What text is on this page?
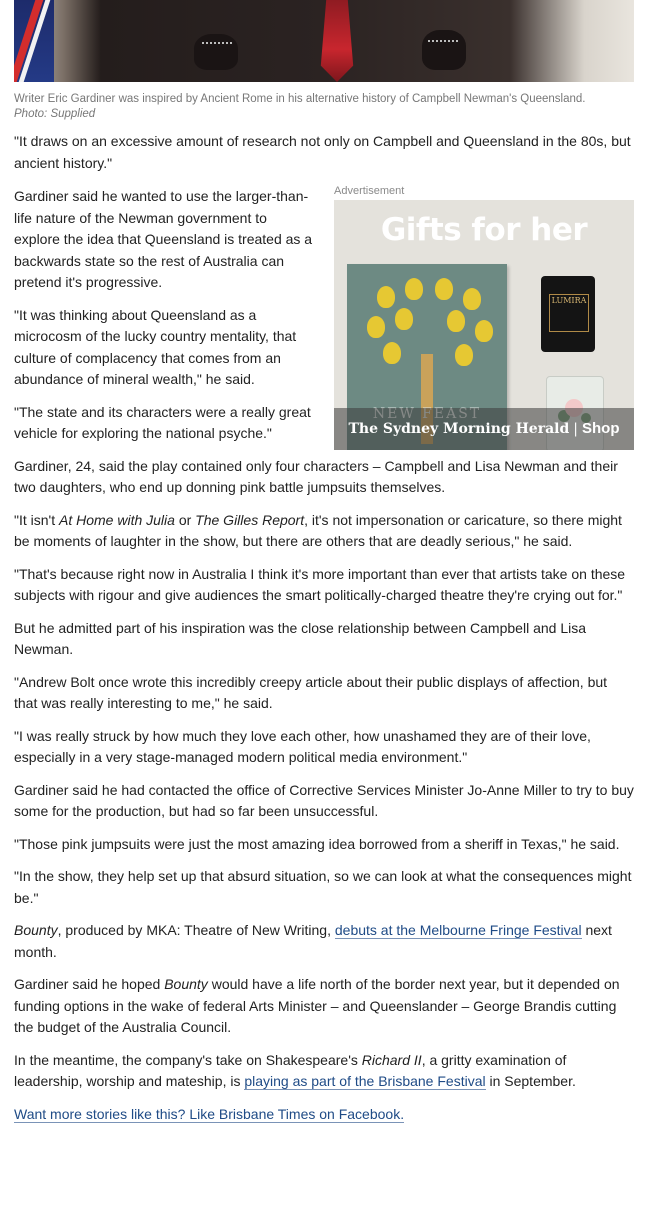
Writer Eric Gardiner was inspired by Ancient Rome in his alternative history of Campbell Newman's Queensland.
Photo: Supplied

"It draws on an excessive amount of research not only on Campbell and Queensland in the 80s, but ancient history."

Advertisement
Gifts for her
LUMIRA
The Sydney Morning Herald | Shop

Gardiner said he wanted to use the larger-than-life nature of the Newman government to explore the idea that Queensland is treated as a backwards state so the rest of Australia can pretend it's progressive.

"It was thinking about Queensland as a microcosm of the lucky country mentality, that culture of complacency that comes from an abundance of mineral wealth," he said.

"The state and its characters were a really great vehicle for exploring the national psyche."

Gardiner, 24, said the play contained only four characters – Campbell and Lisa Newman and their two daughters, who end up donning pink battle jumpsuits themselves.

"It isn't At Home with Julia or The Gilles Report, it's not impersonation or caricature, so there might be moments of laughter in the show, but there are others that are deadly serious," he said.

"That's because right now in Australia I think it's more important than ever that artists take on these subjects with rigour and give audiences the smart politically-charged theatre they're crying out for."

But he admitted part of his inspiration was the close relationship between Campbell and Lisa Newman.

"Andrew Bolt once wrote this incredibly creepy article about their public displays of affection, but that was really interesting to me," he said.

"I was really struck by how much they love each other, how unashamed they are of their love, especially in a very stage-managed modern political media environment."

Gardiner said he had contacted the office of Corrective Services Minister Jo-Anne Miller to try to buy some for the production, but had so far been unsuccessful.

"Those pink jumpsuits were just the most amazing idea borrowed from a sheriff in Texas," he said.

"In the show, they help set up that absurd situation, so we can look at what the consequences might be."

Bounty, produced by MKA: Theatre of New Writing, debuts at the Melbourne Fringe Festival next month.

Gardiner said he hoped Bounty would have a life north of the border next year, but it depended on funding options in the wake of federal Arts Minister – and Queenslander – George Brandis cutting the budget of the Australia Council.

In the meantime, the company's take on Shakespeare's Richard II, a gritty examination of leadership, worship and mateship, is playing as part of the Brisbane Festival in September.

Want more stories like this? Like Brisbane Times on Facebook.
